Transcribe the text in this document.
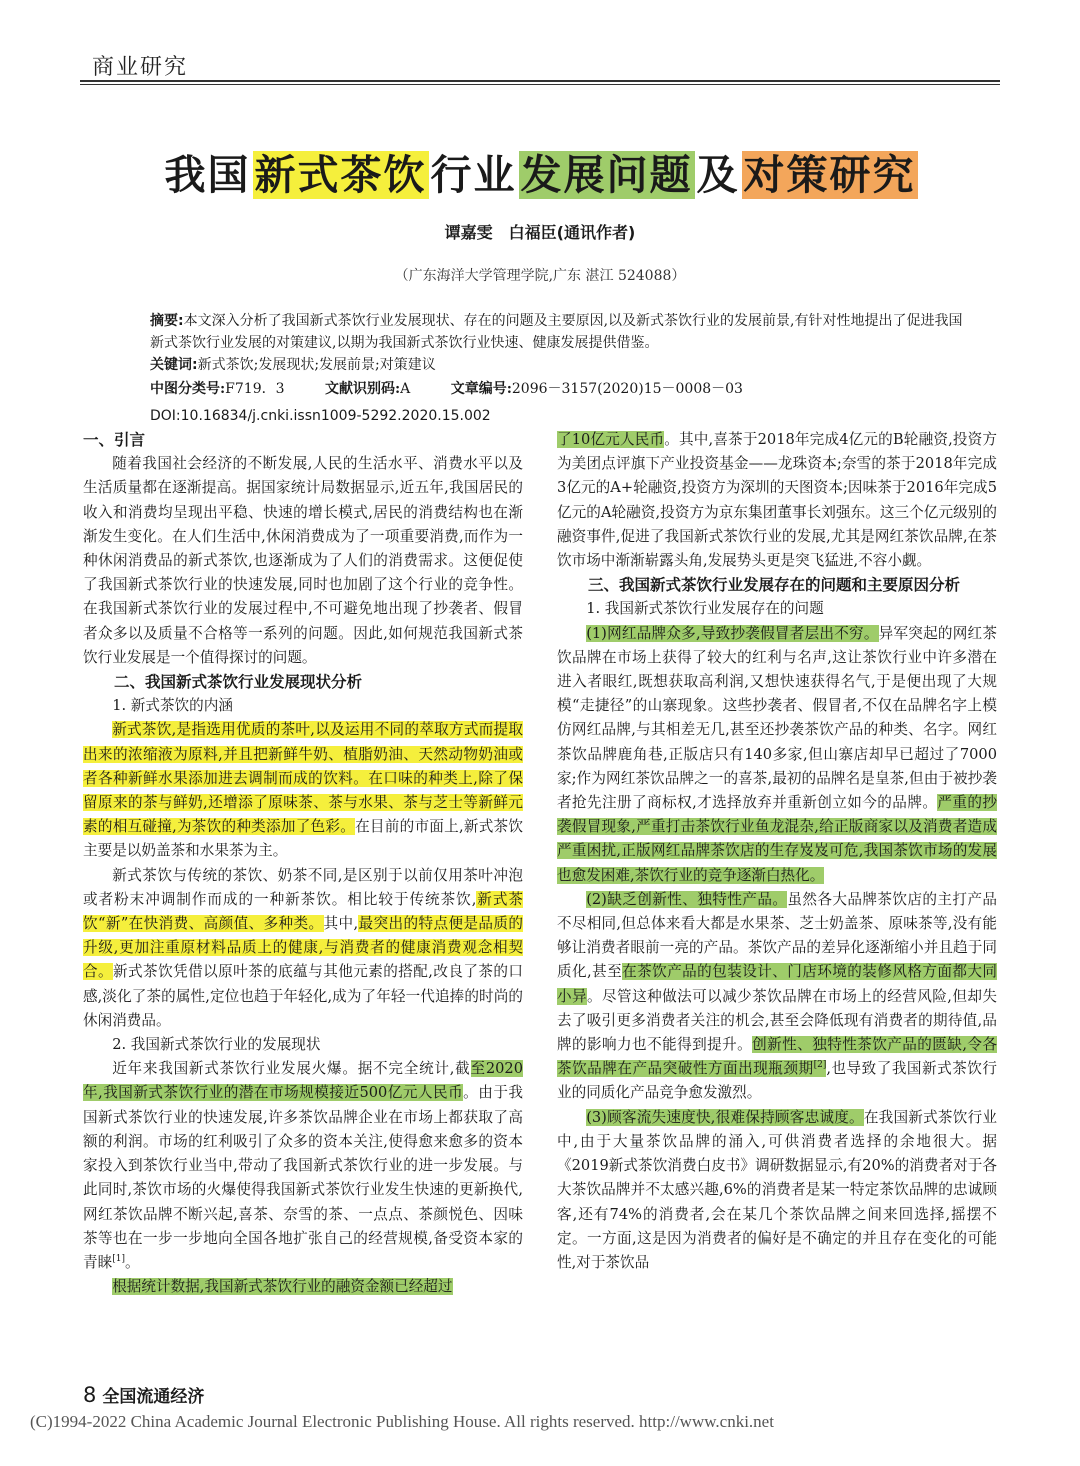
商业研究
我国新式茶饮行业发展问题及对策研究
谭嘉雯　白福臣(通讯作者)
（广东海洋大学管理学院,广东 湛江 524088）
摘要:本文深入分析了我国新式茶饮行业发展现状、存在的问题及主要原因,以及新式茶饮行业的发展前景,有针对性地提出了促进我国新式茶饮行业发展的对策建议,以期为我国新式茶饮行业快速、健康发展提供借鉴。
关键词:新式茶饮;发展现状;发展前景;对策建议
中图分类号:F719．3	文献识别码:A	文章编号:2096－3157(2020)15－0008－03
DOI:10.16834/j.cnki.issn1009-5292.2020.15.002
一、引言

随着我国社会经济的不断发展,人民的生活水平、消费水平以及生活质量都在逐渐提高。据国家统计局数据显示,近五年,我国居民的收入和消费均呈现出平稳、快速的增长模式,居民的消费结构也在渐渐发生变化。在人们生活中,休闲消费成为了一项重要消费,而作为一种休闲消费品的新式茶饮,也逐渐成为了人们的消费需求。这便促使了我国新式茶饮行业的快速发展,同时也加剧了这个行业的竞争性。在我国新式茶饮行业的发展过程中,不可避免地出现了抄袭者、假冒者众多以及质量不合格等一系列的问题。因此,如何规范我国新式茶饮行业发展是一个值得探讨的问题。

二、我国新式茶饮行业发展现状分析
1. 新式茶饮的内涵

新式茶饮,是指选用优质的茶叶,以及运用不同的萃取方式而提取出来的浓缩液为原料,并且把新鲜牛奶、植脂奶油、天然动物奶油或者各种新鲜水果添加进去调制而成的饮料。在口味的种类上,除了保留原来的茶与鲜奶,还增添了原味茶、茶与水果、茶与芝士等新鲜元素的相互碰撞,为茶饮的种类添加了色彩。在目前的市面上,新式茶饮主要是以奶盖茶和水果茶为主。

新式茶饮与传统的茶饮、奶茶不同,是区别于以前仅用茶叶冲泡或者粉末冲调制作而成的一种新茶饮。相比较于传统茶饮,新式茶饮“新”在快消费、高颜值、多种类。其中,最突出的特点便是品质的升级,更加注重原材料品质上的健康,与消费者的健康消费观念相契合。新式茶饮凭借以原叶茶的底蕴与其他元素的搭配,改良了茶的口感,淡化了茶的属性,定位也趋于年轻化,成为了年轻一代追捧的时尚的休闲消费品。

2. 我国新式茶饮行业的发展现状

近年来我国新式茶饮行业发展火爆。据不完全统计,截至2020年,我国新式茶饮行业的潜在市场规模接近500亿元人民币。由于我国新式茶饮行业的快速发展,许多茶饮品牌企业在市场上都获取了高额的利润。市场的红利吸引了众多的资本关注,使得愈来愈多的资本家投入到茶饮行业当中,带动了我国新式茶饮行业的进一步发展。与此同时,茶饮市场的火爆使得我国新式茶饮行业发生快速的更新换代,网红茶饮品牌不断兴起,喜茶、奈雪的茶、一点点、茶颜悦色、因味茶等也在一步一步地向全国各地扩张自己的经营规模,备受资本家的青睐[1]。

根据统计数据,我国新式茶饮行业的融资金额已经超过

了10亿元人民币。其中,喜茶于2018年完成4亿元的B轮融资,投资方为美团点评旗下产业投资基金——龙珠资本;奈雪的茶于2018年完成3亿元的A+轮融资,投资方为深圳的天图资本;因味茶于2016年完成5亿元的A轮融资,投资方为京东集团董事长刘强东。这三个亿元级别的融资事件,促进了我国新式茶饮行业的发展,尤其是网红茶饮品牌,在茶饮市场中渐渐崭露头角,发展势头更是突飞猛进,不容小觑。

三、我国新式茶饮行业发展存在的问题和主要原因分析
1. 我国新式茶饮行业发展存在的问题

(1)网红品牌众多,导致抄袭假冒者层出不穷。异军突起的网红茶饮品牌在市场上获得了较大的红利与名声,这让茶饮行业中许多潜在进入者眼红,既想获取高利润,又想快速获得名气,于是便出现了大规模“走捷径”的山寨现象。这些抄袭者、假冒者,不仅在品牌名字上模仿网红品牌,与其相差无几,甚至还抄袭茶饮产品的种类、名字。网红茶饮品牌鹿角巷,正版店只有140多家,但山寨店却早已超过了7000家;作为网红茶饮品牌之一的喜茶,最初的品牌名是皇茶,但由于被抄袭者抢先注册了商标权,才选择放弃并重新创立如今的品牌。严重的抄袭假冒现象,严重打击茶饮行业鱼龙混杂,给正版商家以及消费者造成严重困扰,正版网红品牌茶饮店的生存岌岌可危,我国茶饮市场的发展也愈发困难,茶饮行业的竞争逐渐白热化。

(2)缺乏创新性、独特性产品。虽然各大品牌茶饮店的主打产品不尽相同,但总体来看大都是水果茶、芝士奶盖茶、原味茶等,没有能够让消费者眼前一亮的产品。茶饮产品的差异化逐渐缩小并且趋于同质化,甚至在茶饮产品的包装设计、门店环境的装修风格方面都大同小异。尽管这种做法可以减少茶饮品牌在市场上的经营风险,但却失去了吸引更多消费者关注的机会,甚至会降低现有消费者的期待值,品牌的影响力也不能得到提升。创新性、独特性茶饮产品的匮缺,令各茶饮品牌在产品突破性方面出现瓶颈期[2],也导致了我国新式茶饮行业的同质化产品竞争愈发激烈。

(3)顾客流失速度快,很难保持顾客忠诚度。在我国新式茶饮行业中,由于大量茶饮品牌的涌入,可供消费者选择的余地很大。据《2019新式茶饮消费白皮书》调研数据显示,有20%的消费者对于各大茶饮品牌并不太感兴趣,6%的消费者是某一特定茶饮品牌的忠诚顾客,还有74%的消费者,会在某几个茶饮品牌之间来回选择,摇摆不定。一方面,这是因为消费者的偏好是不确定的并且存在变化的可能性,对于茶饮品

8 全国流通经济
(C)1994-2022 China Academic Journal Electronic Publishing House. All rights reserved. http://www.cnki.net
